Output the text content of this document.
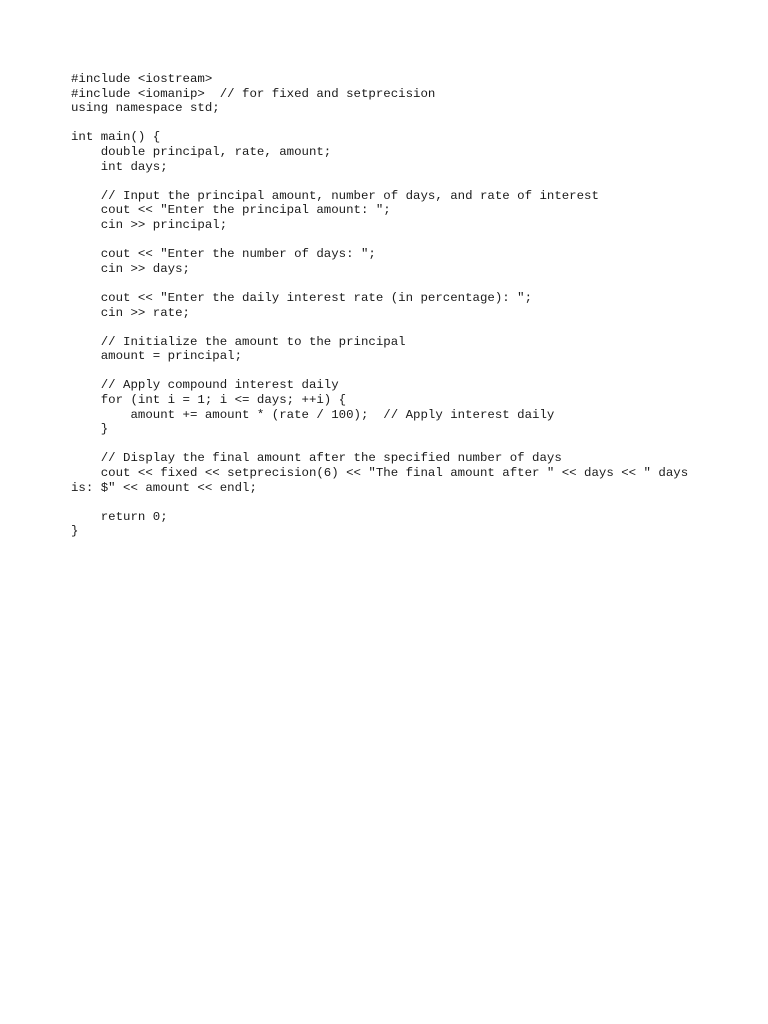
#include <iostream>
#include <iomanip>  // for fixed and setprecision
using namespace std;
int main() {
double principal, rate, amount;
int days;
// Input the principal amount, number of days, and rate of interest
cout << "Enter the principal amount: ";
cin >> principal;
cout << "Enter the number of days: ";
cin >> days;
cout << "Enter the daily interest rate (in percentage): ";
cin >> rate;
// Initialize the amount to the principal
amount = principal;
// Apply compound interest daily
for (int i = 1; i <= days; ++i) {
amount += amount * (rate / 100);  // Apply interest daily
}
// Display the final amount after the specified number of days
cout << fixed << setprecision(6) << "The final amount after " << days << " days
is: $" << amount << endl;
return 0;
}
